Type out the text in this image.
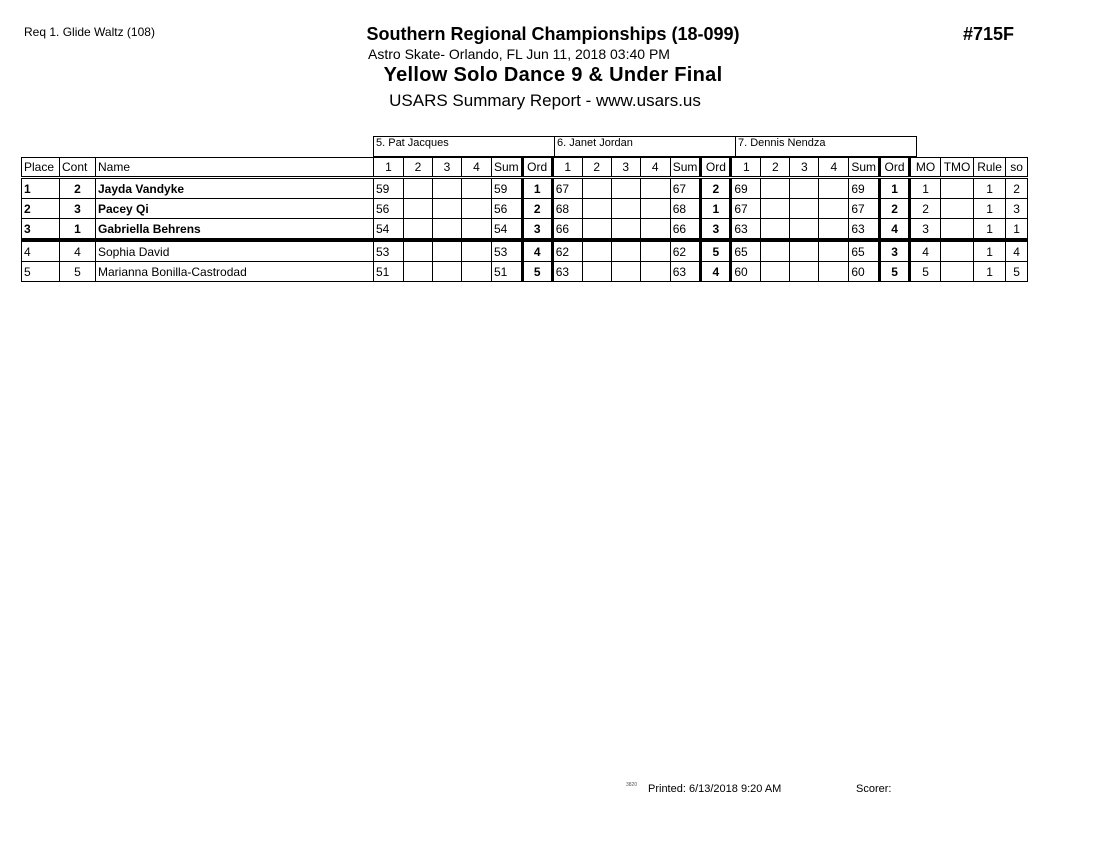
Req 1. Glide Waltz (108)	Southern Regional Championships (18-099)
Astro Skate- Orlando, FL Jun 11, 2018 03:40 PM
Yellow Solo Dance 9 & Under Final
USARS Summary Report - www.usars.us
#715F
5. Pat Jacques	6. Janet Jordan	7. Dennis Nendza
Place	Cont	Name	1	2	3	4	Sum	Ord	1	2	3	4	Sum	Ord	1	2	3	4	Sum	Ord	MO	TMO	Rule	so
1	2	Jayda Vandyke	59				59	1	67				67	2	69				69	1	1		1	2
2	3	Pacey Qi	56				56	2	68				68	1	67				67	2	2		1	3
3	1	Gabriella Behrens	54				54	3	66				66	3	63				63	4	3		1	1
4	4	Sophia David	53				53	4	62				62	5	65				65	3	4		1	4
5	5	Marianna Bonilla-Castrodad	51				51	5	63				63	4	60				60	5	5		1	5
3820 Printed: 6/13/2018 9:20 AM	Scorer:
